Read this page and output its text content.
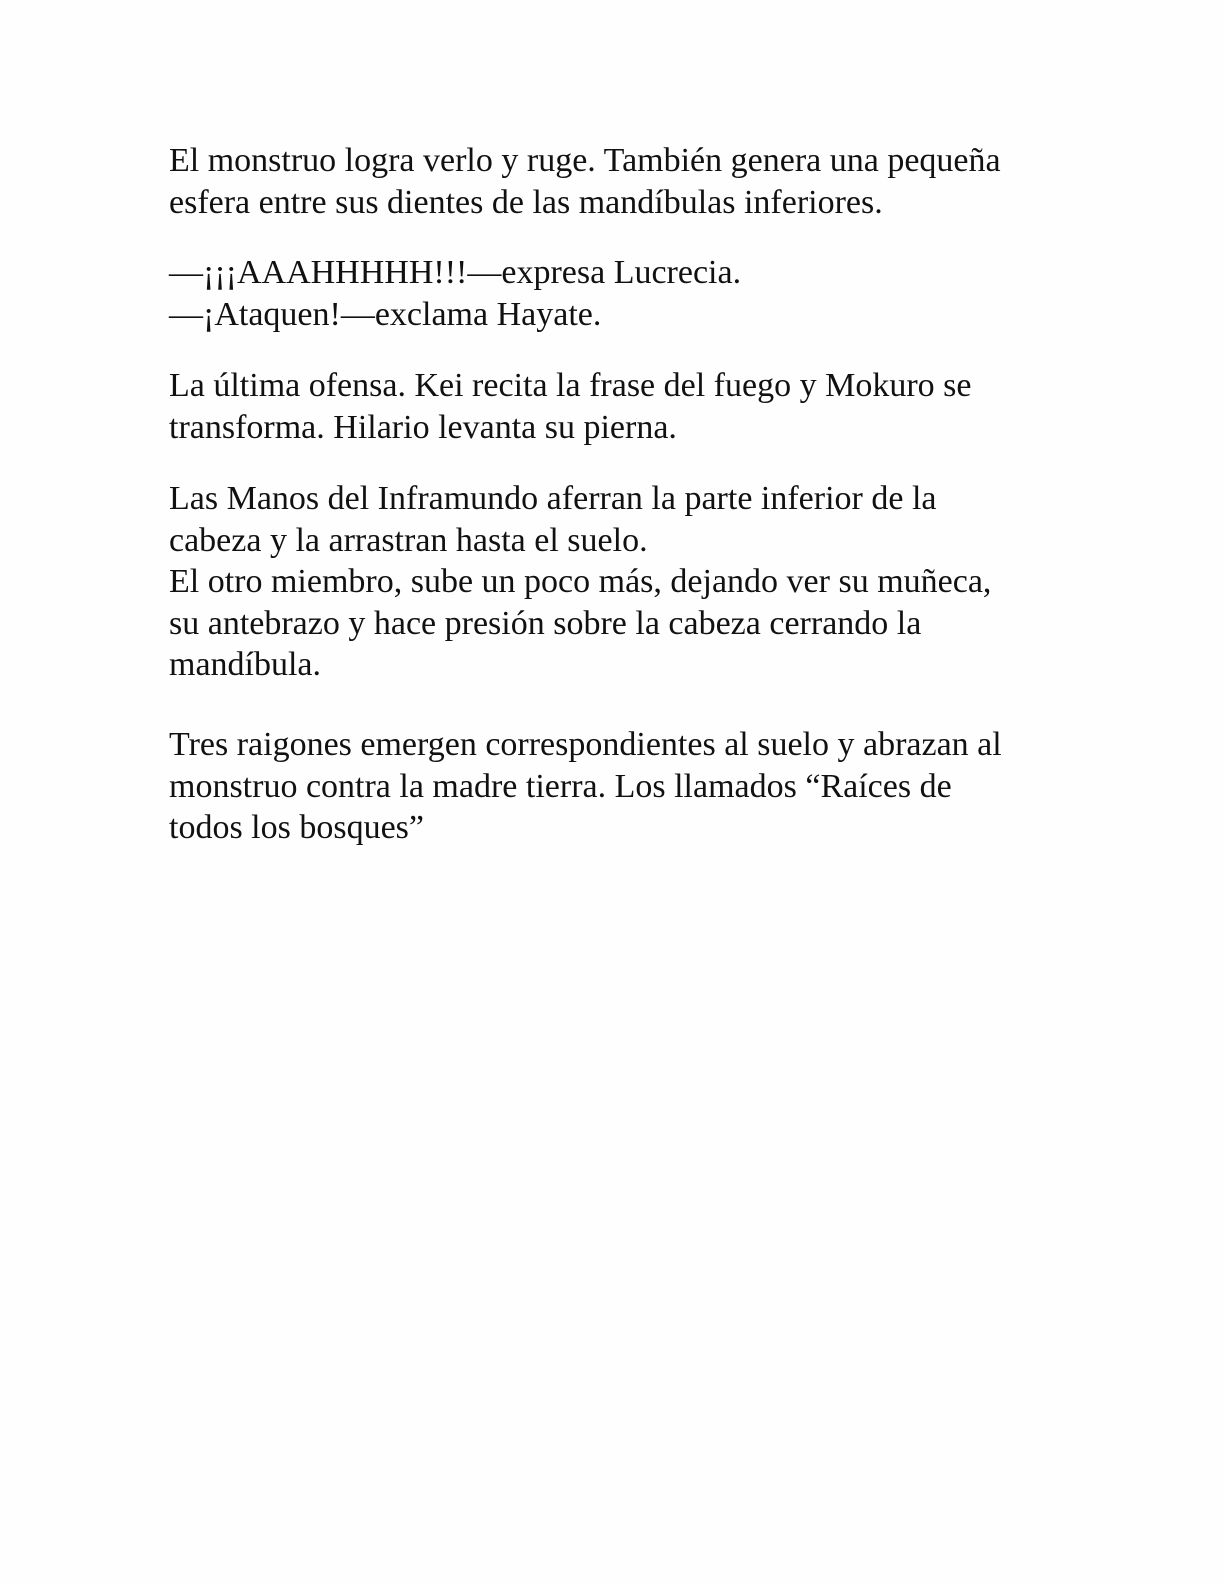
El monstruo logra verlo y ruge. También genera una pequeña
esfera entre sus dientes de las mandíbulas inferiores.
—¡¡¡AAAHHHHH!!!—expresa Lucrecia.
—¡Ataquen!—exclama Hayate.
La última ofensa. Kei recita la frase del fuego y Mokuro se
transforma. Hilario levanta su pierna.
Las Manos del Inframundo aferran la parte inferior de la
cabeza y la arrastran hasta el suelo.
El otro miembro, sube un poco más, dejando ver su muñeca,
su antebrazo y hace presión sobre la cabeza cerrando la
mandíbula.
Tres raigones emergen correspondientes al suelo y abrazan al
monstruo contra la madre tierra. Los llamados “Raíces de
todos los bosques”
